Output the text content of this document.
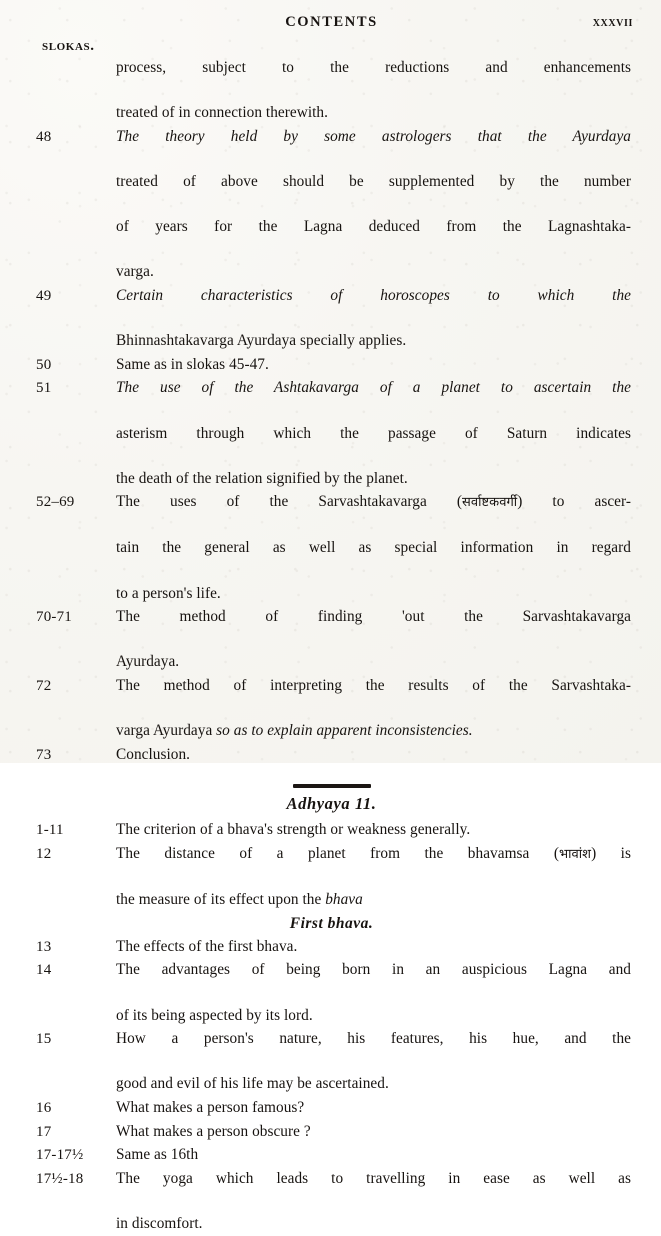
CONTENTS	xxxvii
slokas.
process, subject to the reductions and enhancements
treated of in connection therewith.
48	The theory held by some astrologers that the Ayurdaya
treated of above should be supplemented by the number
of years for the Lagna deduced from the Lagnashtaka-
varga.
49	Certain characteristics of horoscopes to which the
Bhinnashtakavarga Ayurdaya specially applies.
50	Same as in slokas 45-47.
51	The use of the Ashtakavarga of a planet to ascertain the
asterism through which the passage of Saturn indicates
the death of the relation signified by the planet.
52–69	The uses of the Sarvashtakavarga (सर्वाष्टकवर्गी) to ascer-
tain the general as well as special information in regard
to a person's life.
70-71	The method of finding 'out the Sarvashtakavarga
Ayurdaya.
72	The method of interpreting the results of the Sarvashtaka-
varga Ayurdaya so as to explain apparent inconsistencies.
73	Conclusion.
Adhyaya 11.
1-11	The criterion of a bhava's strength or weakness generally.
12	The distance of a planet from the bhavamsa (भावांश) is
the measure of its effect upon the bhava
First bhava.
13	The effects of the first bhava.
14	The advantages of being born in an auspicious Lagna and
of its being aspected by its lord.
15	How a person's nature, his features, his hue, and the
good and evil of his life may be ascertained.
16	What makes a person famous?
17	What makes a person obscure ?
17-17½	Same as 16th
17½-18	The yoga which leads to travelling in ease as well as
in discomfort.
